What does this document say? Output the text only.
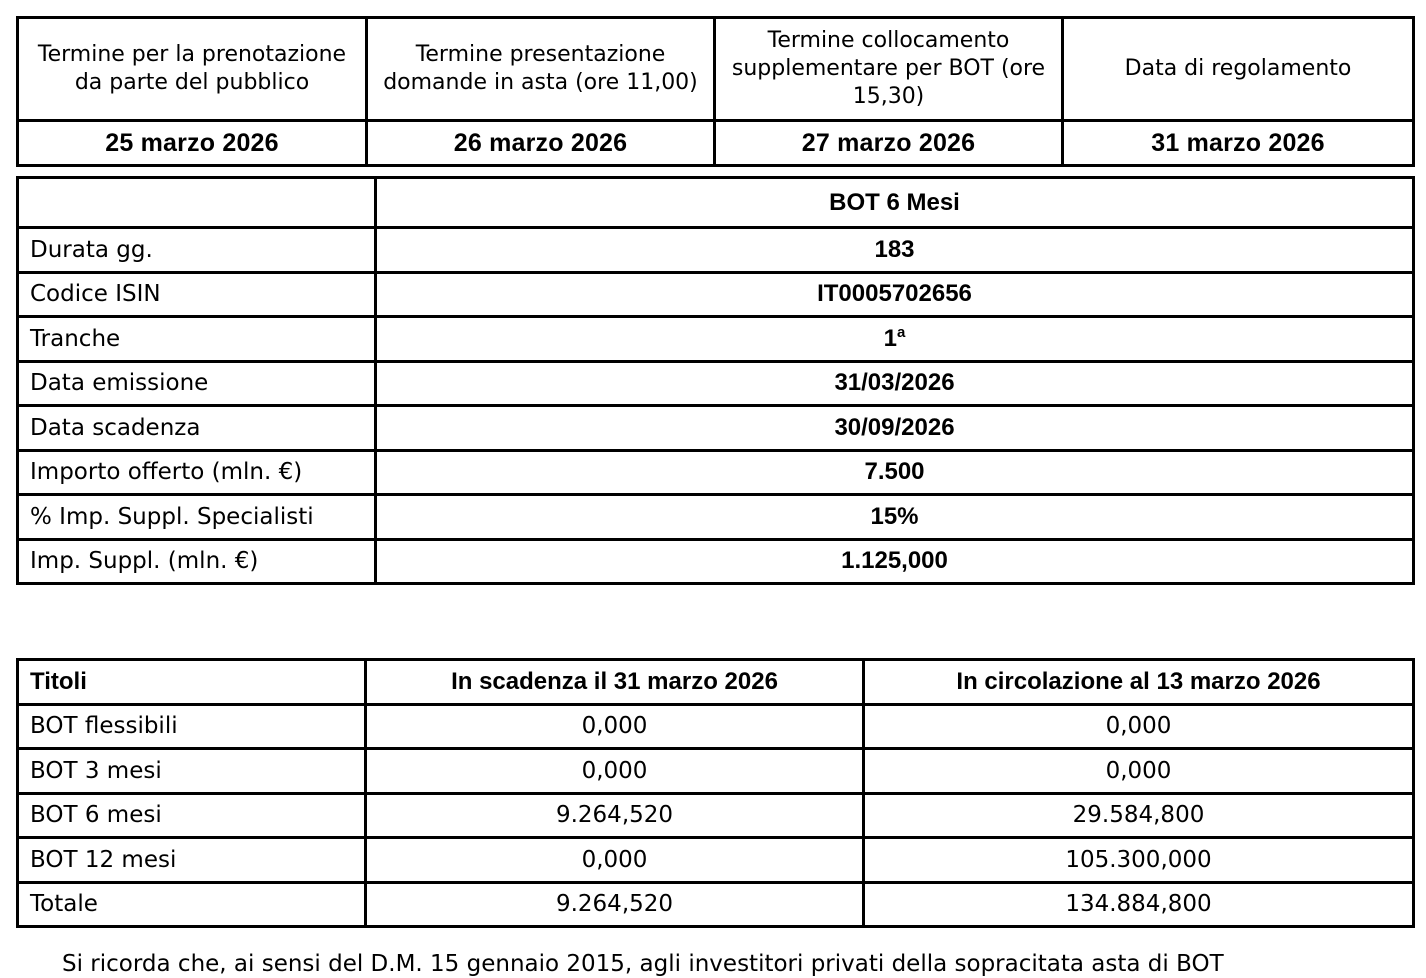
Termine per la prenotazione da parte del pubblico	Termine presentazione domande in asta (ore 11,00)	Termine collocamento supplementare per BOT (ore 15,30)	Data di regolamento
25 marzo 2026	26 marzo 2026	27 marzo 2026	31 marzo 2026
	BOT 6 Mesi
Durata gg.	183
Codice ISIN	IT0005702656
Tranche	1$^a$
Data emissione	31/03/2026
Data scadenza	30/09/2026
Importo offerto (mln. €)	7.500
% Imp. Suppl. Specialisti	15%
Imp. Suppl. (mln. €)	1.125,000
Titoli	In scadenza il 31 marzo 2026	In circolazione al 13 marzo 2026
BOT flessibili	0,000	0,000
BOT 3 mesi	0,000	0,000
BOT 6 mesi	9.264,520	29.584,800
BOT 12 mesi	0,000	105.300,000
Totale	9.264,520	134.884,800
Si ricorda che, ai sensi del D.M. 15 gennaio 2015, agli investitori privati della sopracitata asta di BOT
